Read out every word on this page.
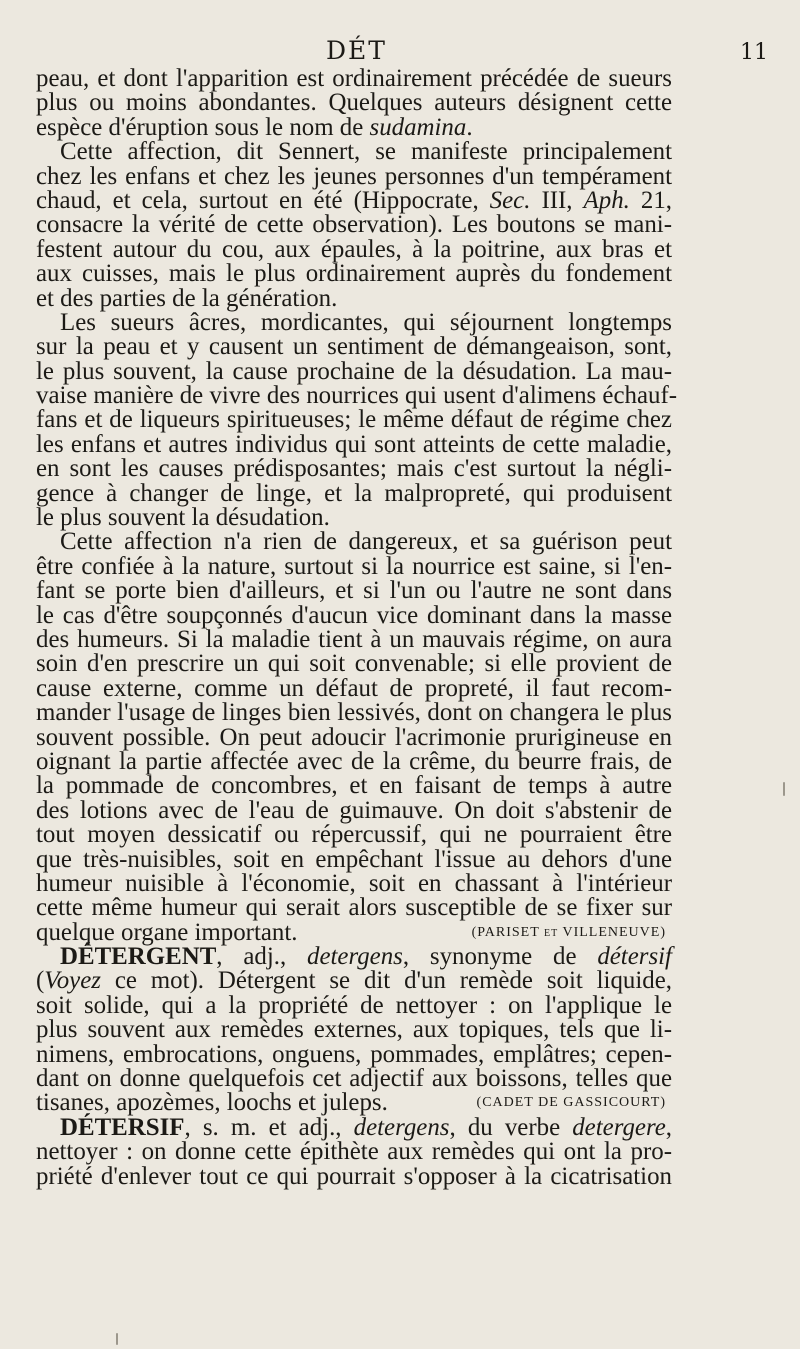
DÉT	11
peau, et dont l'apparition est ordinairement précédée de sueurs
plus ou moins abondantes. Quelques auteurs désignent cette
espèce d'éruption sous le nom de sudamina.
Cette affection, dit Sennert, se manifeste principalement
chez les enfans et chez les jeunes personnes d'un tempérament
chaud, et cela, surtout en été (Hippocrate, Sec. III, Aph. 21,
consacre la vérité de cette observation). Les boutons se mani-
festent autour du cou, aux épaules, à la poitrine, aux bras et
aux cuisses, mais le plus ordinairement auprès du fondement
et des parties de la génération.
Les sueurs âcres, mordicantes, qui séjournent longtemps
sur la peau et y causent un sentiment de démangeaison, sont,
le plus souvent, la cause prochaine de la désudation. La mau-
vaise manière de vivre des nourrices qui usent d'alimens échauf-
fans et de liqueurs spiritueuses; le même défaut de régime chez
les enfans et autres individus qui sont atteints de cette maladie,
en sont les causes prédisposantes; mais c'est surtout la négli-
gence à changer de linge, et la malpropreté, qui produisent
le plus souvent la désudation.
Cette affection n'a rien de dangereux, et sa guérison peut
être confiée à la nature, surtout si la nourrice est saine, si l'en-
fant se porte bien d'ailleurs, et si l'un ou l'autre ne sont dans
le cas d'être soupçonnés d'aucun vice dominant dans la masse
des humeurs. Si la maladie tient à un mauvais régime, on aura
soin d'en prescrire un qui soit convenable; si elle provient de
cause externe, comme un défaut de propreté, il faut recom-
mander l'usage de linges bien lessivés, dont on changera le plus
souvent possible. On peut adoucir l'acrimonie prurigineuse en
oignant la partie affectée avec de la crême, du beurre frais, de
la pommade de concombres, et en faisant de temps à autre
des lotions avec de l'eau de guimauve. On doit s'abstenir de
tout moyen dessicatif ou répercussif, qui ne pourraient être
que très-nuisibles, soit en empêchant l'issue au dehors d'une
humeur nuisible à l'économie, soit en chassant à l'intérieur
cette même humeur qui serait alors susceptible de se fixer sur
quelque organe important.	(PARISET et VILLENEUVE)
DÉTERGENT, adj., detergens, synonyme de détersif
(Voyez ce mot). Détergent se dit d'un remède soit liquide,
soit solide, qui a la propriété de nettoyer : on l'applique le
plus souvent aux remèdes externes, aux topiques, tels que li-
nimens, embrocations, onguens, pommades, emplâtres; cepen-
dant on donne quelquefois cet adjectif aux boissons, telles que
tisanes, apozèmes, loochs et juleps.	(CADET DE GASSICOURT)
DÉTERSIF, s. m. et adj., detergens, du verbe detergere,
nettoyer : on donne cette épithète aux remèdes qui ont la pro-
priété d'enlever tout ce qui pourrait s'opposer à la cicatrisation
